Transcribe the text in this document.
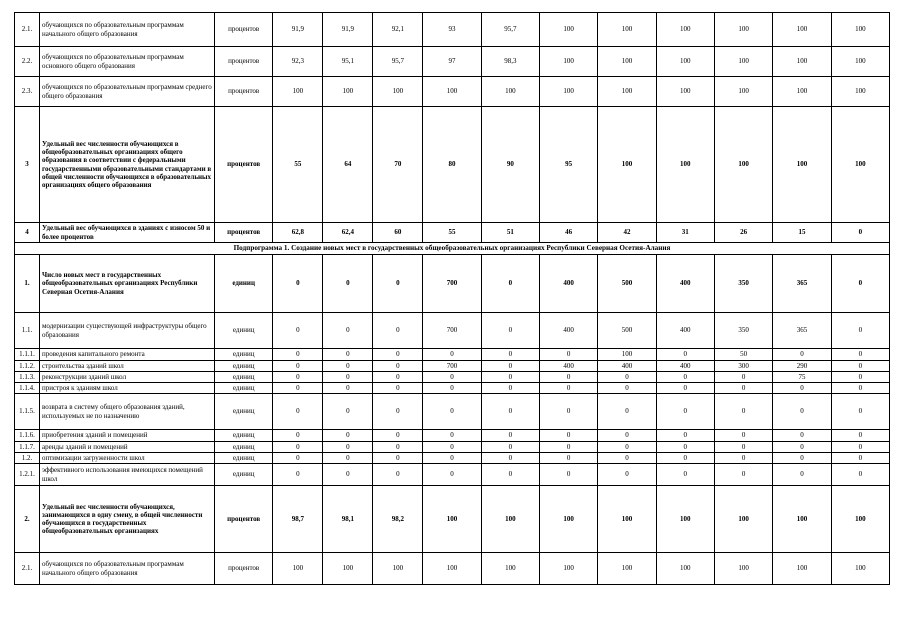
2.1.	обучающихся по образовательным программам начального общего образования	процентов	91,9	91,9	92,1	93	95,7	100	100	100	100	100	100
2.2.	обучающихся по образовательным программам основного общего образования	процентов	92,3	95,1	95,7	97	98,3	100	100	100	100	100	100
2.3.	обучающихся по образовательным программам среднего общего образования	процентов	100	100	100	100	100	100	100	100	100	100	100
3	Удельный вес численности обучающихся в общеобразовательных организациях общего образования в соответствии с федеральными государственными образовательными стандартами в общей численности обучающихся в образовательных организациях общего образования	процентов	55	64	70	80	90	95	100	100	100	100	100
4	Удельный вес обучающихся в зданиях с износом 50 и более процентов	процентов	62,8	62,4	60	55	51	46	42	31	26	15	0
Подпрограмма 1. Создание новых мест в государственных общеобразовательных организациях Республики Северная Осетия-Алания													
1.	Число новых мест в государственных общеобразовательных организациях Республики Северная Осетия-Алания	единиц	0	0	0	700	0	400	500	400	350	365	0
1.1.	модернизации существующей инфраструктуры общего образования	единиц	0	0	0	700	0	400	500	400	350	365	0
1.1.1.	проведения капитального ремонта	единиц	0	0	0	0	0	0	100	0	50	0	0
1.1.2.	строительства зданий школ	единиц	0	0	0	700	0	400	400	400	300	290	0
1.1.3.	реконструкции зданий школ	единиц	0	0	0	0	0	0	0	0	0	75	0
1.1.4.	пристроя к зданиям школ	единиц	0	0	0	0	0	0	0	0	0	0	0
1.1.5.	возврата в систему общего образования зданий, используемых не по назначению	единиц	0	0	0	0	0	0	0	0	0	0	0
1.1.6.	приобретения зданий и помещений	единиц	0	0	0	0	0	0	0	0	0	0	0
1.1.7.	аренды зданий и помещений	единиц	0	0	0	0	0	0	0	0	0	0	0
1.2.	оптимизации загруженности школ	единиц	0	0	0	0	0	0	0	0	0	0	0
1.2.1.	эффективного использования имеющихся помещений школ	единиц	0	0	0	0	0	0	0	0	0	0	0
2.	Удельный вес численности обучающихся, занимающихся в одну смену, в общей численности обучающихся в государственных общеобразовательных организациях	процентов	98,7	98,1	98,2	100	100	100	100	100	100	100	100
2.1.	обучающихся по образовательным программам начального общего образования	процентов	100	100	100	100	100	100	100	100	100	100	100
